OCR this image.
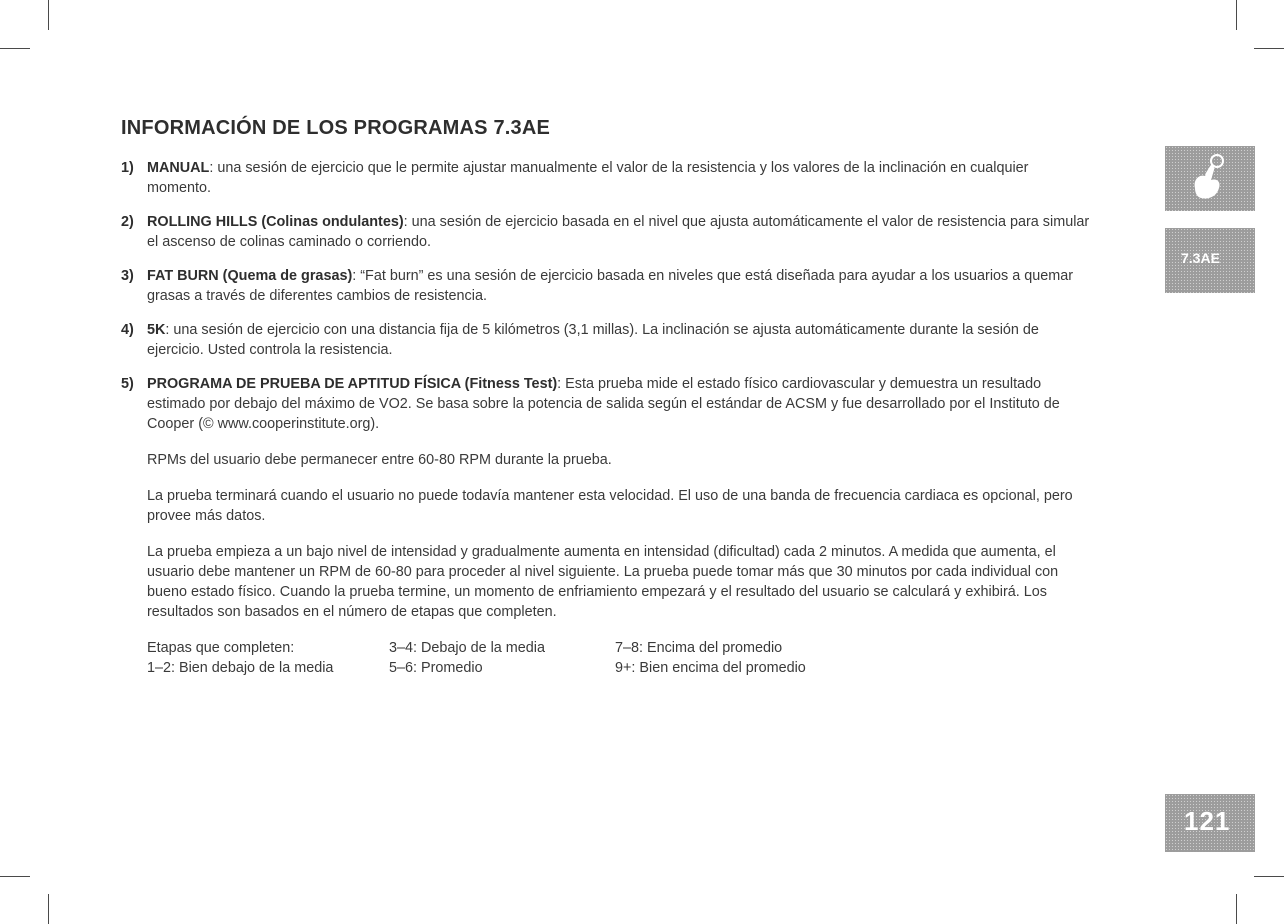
INFORMACIÓN DE LOS PROGRAMAS 7.3AE
1) MANUAL: una sesión de ejercicio que le permite ajustar manualmente el valor de la resistencia y los valores de la inclinación en cualquier momento.

2) ROLLING HILLS (Colinas ondulantes): una sesión de ejercicio basada en el nivel que ajusta automáticamente el valor de resistencia para simular el ascenso de colinas caminado o corriendo.

3) FAT BURN (Quema de grasas): “Fat burn” es una sesión de ejercicio basada en niveles que está diseñada para ayudar a los usuarios a quemar grasas a través de diferentes cambios de resistencia.

4) 5K: una sesión de ejercicio con una distancia fija de 5 kilómetros (3,1 millas). La inclinación se ajusta automáticamente durante la sesión de ejercicio. Usted controla la resistencia.

5) PROGRAMA DE PRUEBA DE APTITUD FÍSICA (Fitness Test): Esta prueba mide el estado físico cardiovascular y demuestra un resultado estimado por debajo del máximo de VO2. Se basa sobre la potencia de salida según el estándar de ACSM y fue desarrollado por el Instituto de Cooper (© www.cooperinstitute.org).

RPMs del usuario debe permanecer entre 60-80 RPM durante la prueba.

La prueba terminará cuando el usuario no puede todavía mantener esta velocidad. El uso de una banda de frecuencia cardiaca es opcional, pero provee más datos.

La prueba empieza a un bajo nivel de intensidad y gradualmente aumenta en intensidad (dificultad) cada 2 minutos. A medida que aumenta, el usuario debe mantener un RPM de 60-80 para proceder al nivel siguiente. La prueba puede tomar más que 30 minutos por cada individual con bueno estado físico. Cuando la prueba termine, un momento de enfriamiento empezará y el resultado del usuario se calculará y exhibirá. Los resultados son basados en el número de etapas que completen.

Etapas que completen:
1–2: Bien debajo de la media
3–4: Debajo de la media
5–6: Promedio
7–8: Encima del promedio
9+: Bien encima del promedio
7.3AE
121
